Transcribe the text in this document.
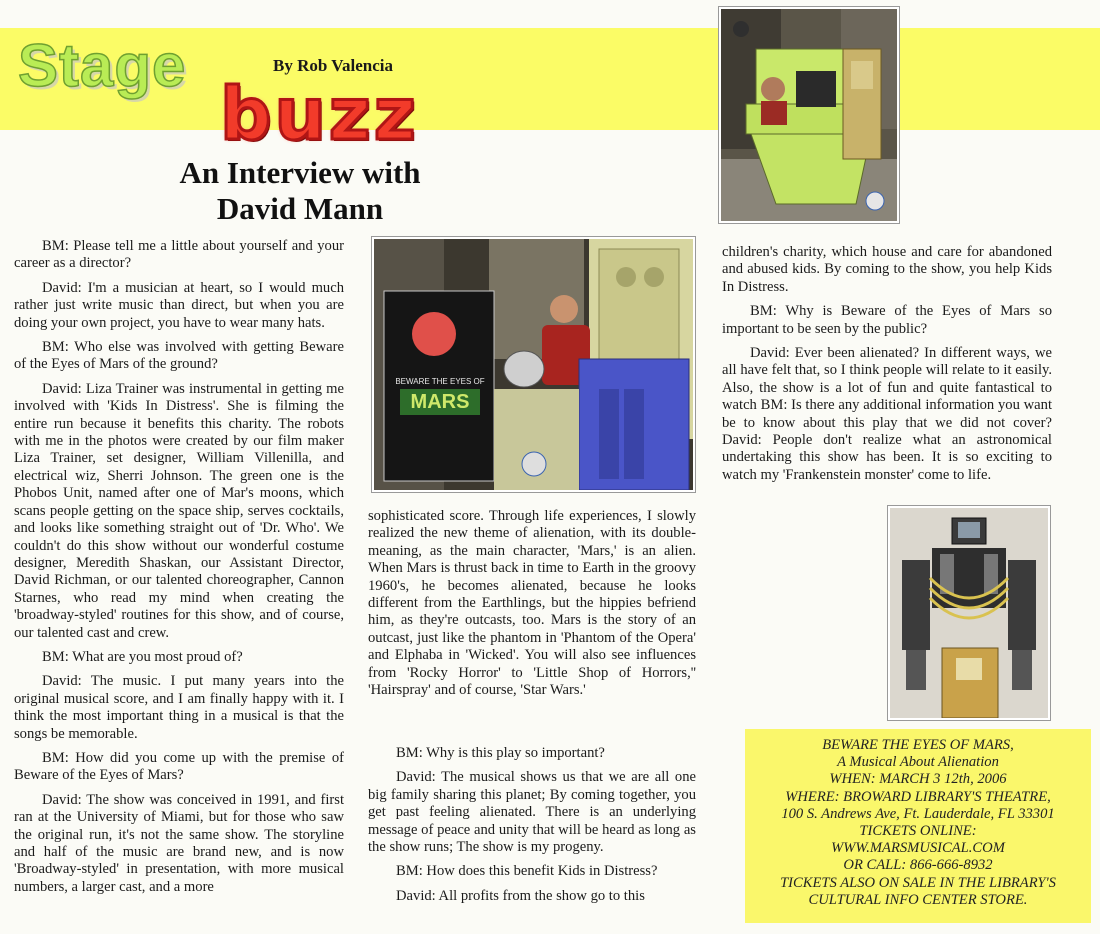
Stage	By Rob Valencia
buzz
An Interview with
David Mann
MARS
BEWARE THE EYES OF

BM: Please tell me a little about yourself and your career as a director?

David: I'm a musician at heart, so I would much rather just write music than direct, but when you are doing your own project, you have to wear many hats.

BM: Who else was involved with getting Beware of the Eyes of Mars of the ground?

David: Liza Trainer was instrumental in getting me involved with 'Kids In Distress'. She is filming the entire run because it benefits this charity. The robots with me in the photos were created by our film maker Liza Trainer, set designer, William Villenilla, and electrical wiz, Sherri Johnson. The green one is the Phobos Unit, named after one of Mar's moons, which scans people getting on the space ship, serves cocktails, and looks like something straight out of 'Dr. Who'. We couldn't do this show without our wonderful costume designer, Meredith Shaskan, our Assistant Director, David Richman, or our talented choreographer, Cannon Starnes, who read my mind when creating the 'broadway-styled' routines for this show, and of course, our talented cast and crew.

BM: What are you most proud of?

David: The music. I put many years into the original musical score, and I am finally happy with it. I think the most important thing in a musical is that the songs be memorable.

BM: How did you come up with the premise of Beware of the Eyes of Mars?

David: The show was conceived in 1991, and first ran at the University of Miami, but for those who saw the original run, it's not the same show. The storyline and half of the music are brand new, and is now 'Broadway-styled' in presentation, with more musical numbers, a larger cast, and a more

sophisticated score. Through life experiences, I slowly realized the new theme of alienation, with its double-meaning, as the main character, 'Mars,' is an alien. When Mars is thrust back in time to Earth in the groovy 1960's, he becomes alienated, because he looks different from the Earthlings, but the hippies befriend him, as they're outcasts, too. Mars is the story of an outcast, just like the phantom in 'Phantom of the Opera' and Elphaba in 'Wicked'. You will also see influences from 'Rocky Horror' to 'Little Shop of Horrors,'' 'Hairspray' and of course, 'Star Wars.'

BM: Why is this play so important?

David: The musical shows us that we are all one big family sharing this planet; By coming together, you get past feeling alienated. There is an underlying message of peace and unity that will be heard as long as the show runs; The show is my progeny.

BM: How does this benefit Kids in Distress?

David: All profits from the show go to this

children's charity, which house and care for abandoned and abused kids. By coming to the show, you help Kids In Distress.

BM: Why is Beware of the Eyes of Mars so important to be seen by the public?

David: Ever been alienated? In different ways, we all have felt that, so I think people will relate to it easily. Also, the show is a lot of fun and quite fantastical to watch BM: Is there any additional information you want be to know about this play that we did not cover? David: People don't realize what an astronomical undertaking this show has been. It is so exciting to watch my 'Frankenstein monster' come to life.

BEWARE THE EYES OF MARS,
A Musical About Alienation
WHEN: MARCH 3 12th, 2006
WHERE: BROWARD LIBRARY'S THEATRE,
100 S. Andrews Ave, Ft. Lauderdale, FL 33301
TICKETS ONLINE:
WWW.MARSMUSICAL.COM
OR CALL: 866-666-8932
TICKETS ALSO ON SALE IN THE LIBRARY'S
CULTURAL INFO CENTER STORE.
